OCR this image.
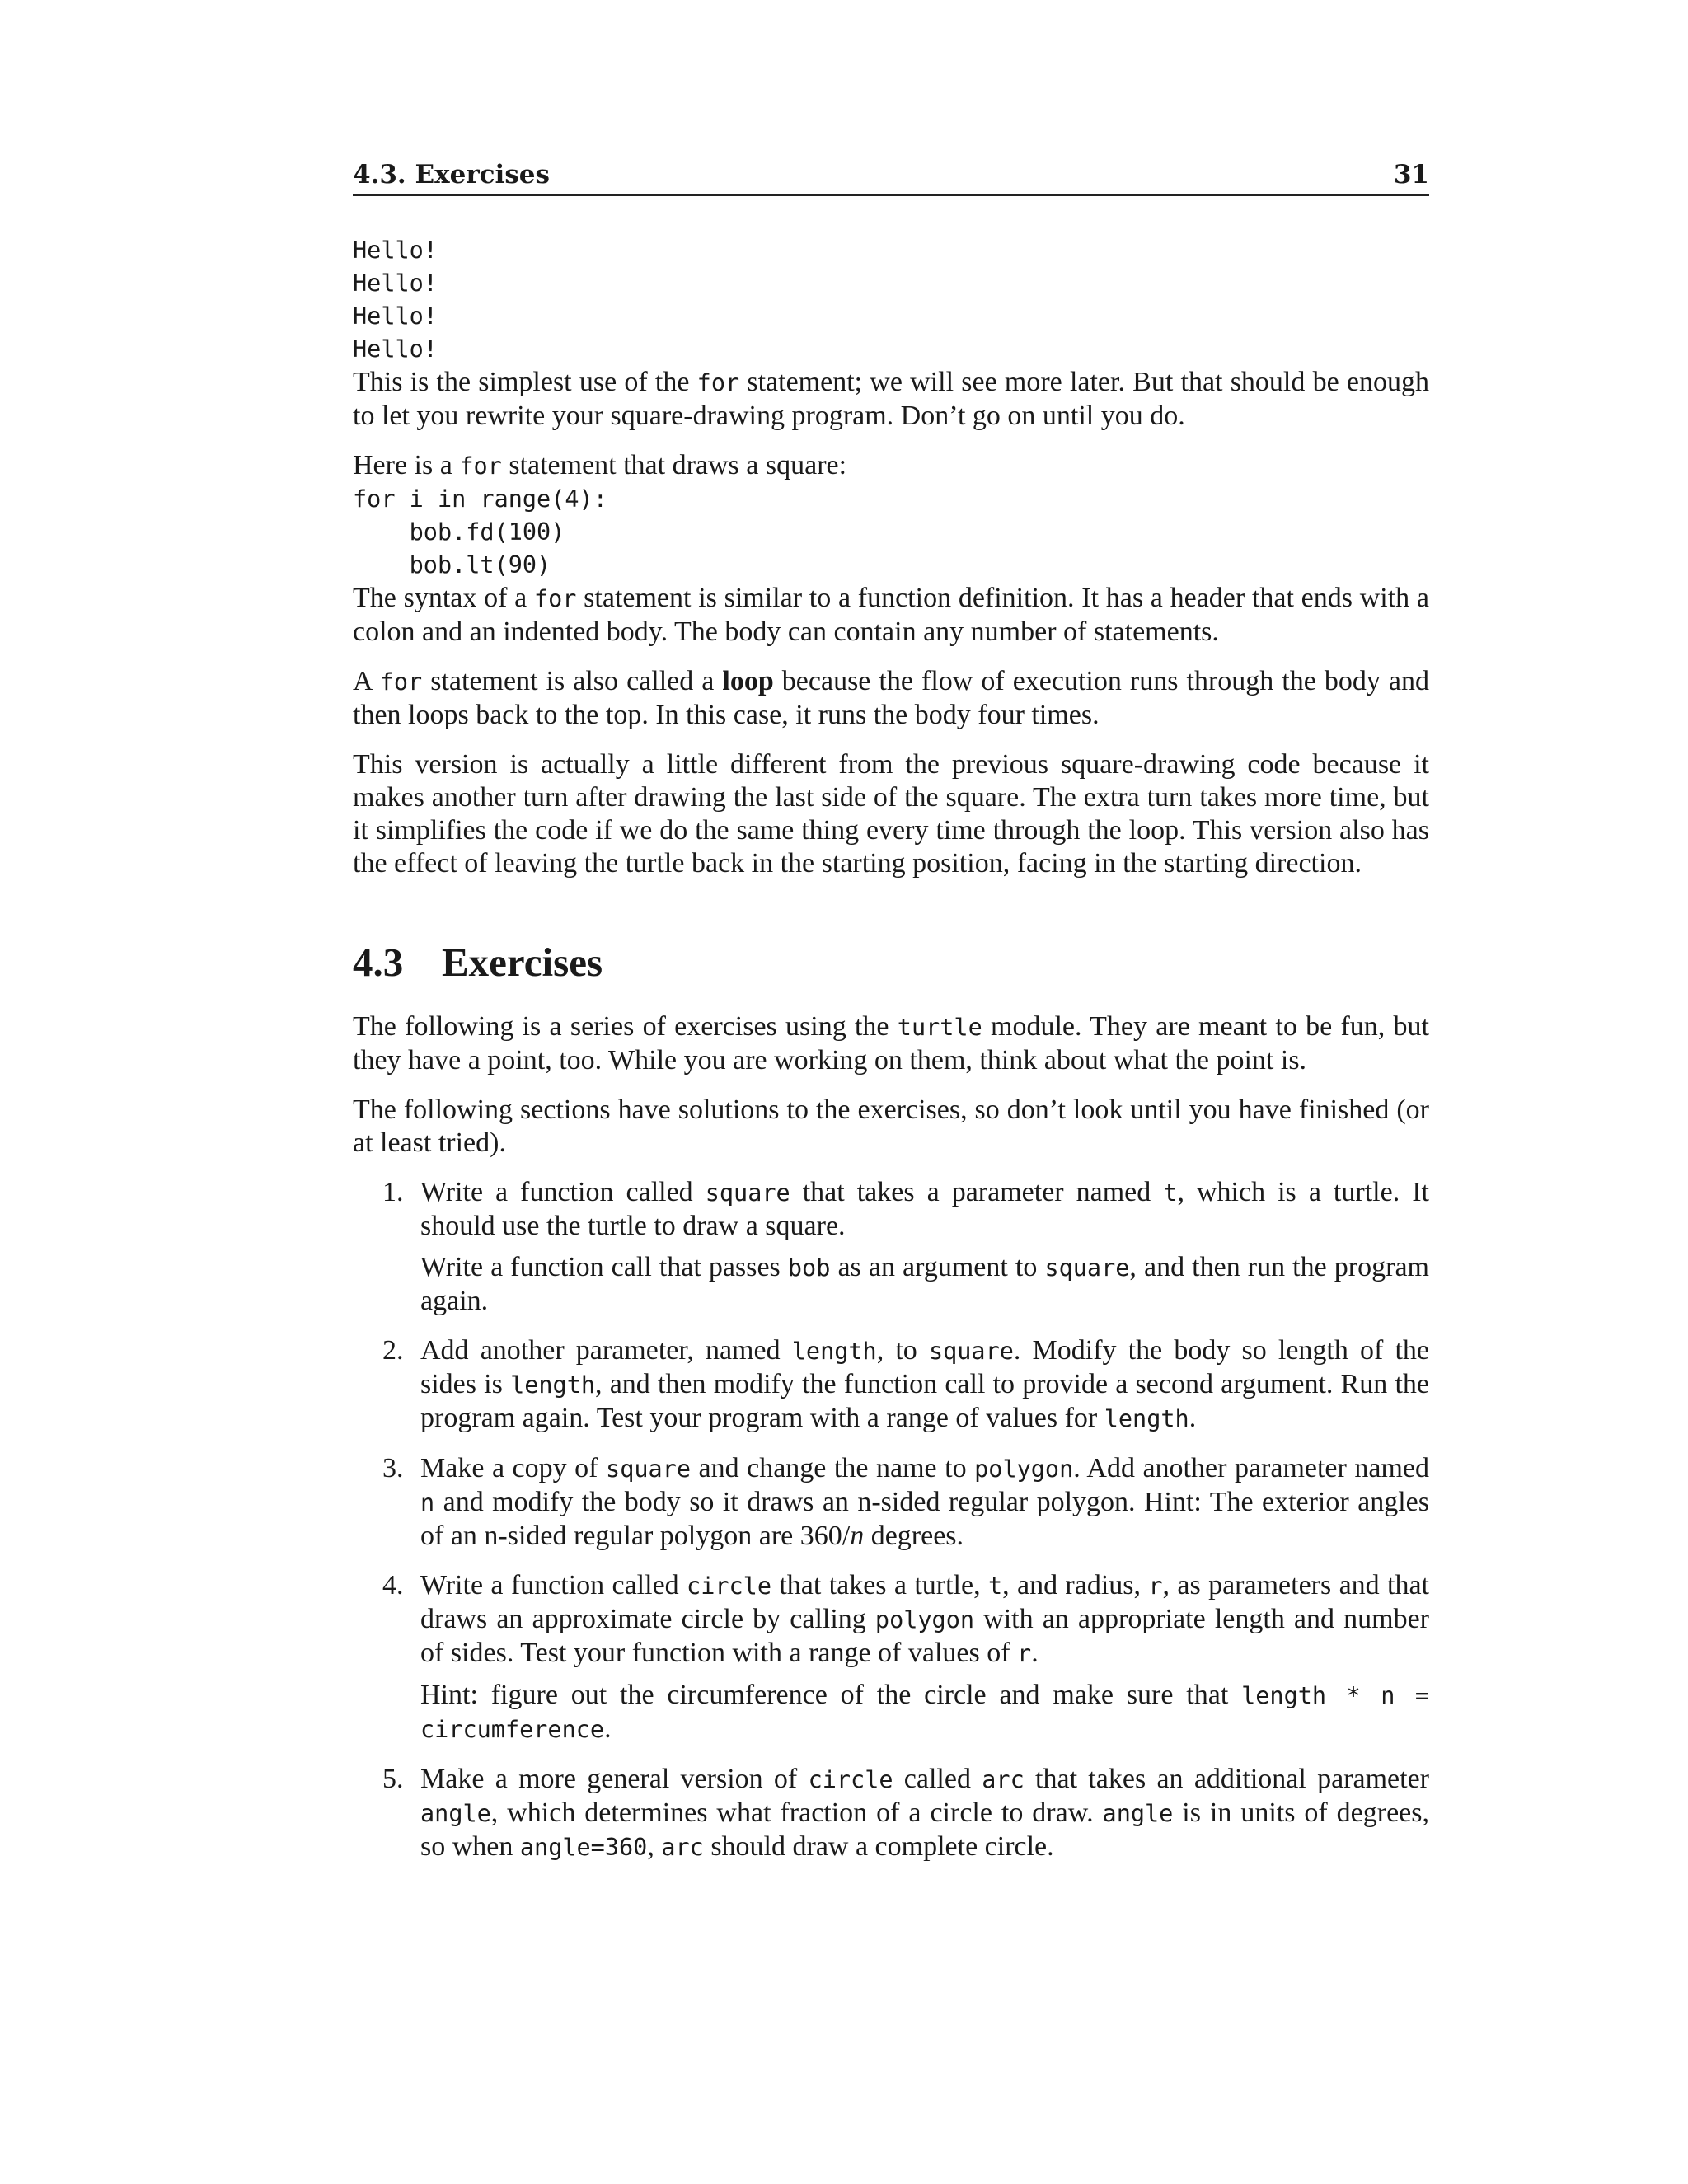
4.3. Exercises	31
Hello!
Hello!
Hello!
Hello!

This is the simplest use of the for statement; we will see more later. But that should be enough to let you rewrite your square-drawing program. Don’t go on until you do.

Here is a for statement that draws a square:

for i in range(4):
bob.fd(100)
bob.lt(90)

The syntax of a for statement is similar to a function definition. It has a header that ends with a colon and an indented body. The body can contain any number of statements.

A for statement is also called a loop because the flow of execution runs through the body and then loops back to the top. In this case, it runs the body four times.

This version is actually a little different from the previous square-drawing code because it makes another turn after drawing the last side of the square. The extra turn takes more time, but it simplifies the code if we do the same thing every time through the loop. This version also has the effect of leaving the turtle back in the starting position, facing in the starting direction.

4.3 Exercises

The following is a series of exercises using the turtle module. They are meant to be fun, but they have a point, too. While you are working on them, think about what the point is.

The following sections have solutions to the exercises, so don’t look until you have finished (or at least tried).

1. Write a function called square that takes a parameter named t, which is a turtle. It should use the turtle to draw a square.

Write a function call that passes bob as an argument to square, and then run the program again.

2. Add another parameter, named length, to square. Modify the body so length of the sides is length, and then modify the function call to provide a second argument. Run the program again. Test your program with a range of values for length.

3. Make a copy of square and change the name to polygon. Add another parameter named n and modify the body so it draws an n-sided regular polygon. Hint: The exterior angles of an n-sided regular polygon are 360/n degrees.

4. Write a function called circle that takes a turtle, t, and radius, r, as parameters and that draws an approximate circle by calling polygon with an appropriate length and number of sides. Test your function with a range of values of r.

Hint: figure out the circumference of the circle and make sure that length * n = circumference.

5. Make a more general version of circle called arc that takes an additional parameter angle, which determines what fraction of a circle to draw. angle is in units of degrees, so when angle=360, arc should draw a complete circle.
